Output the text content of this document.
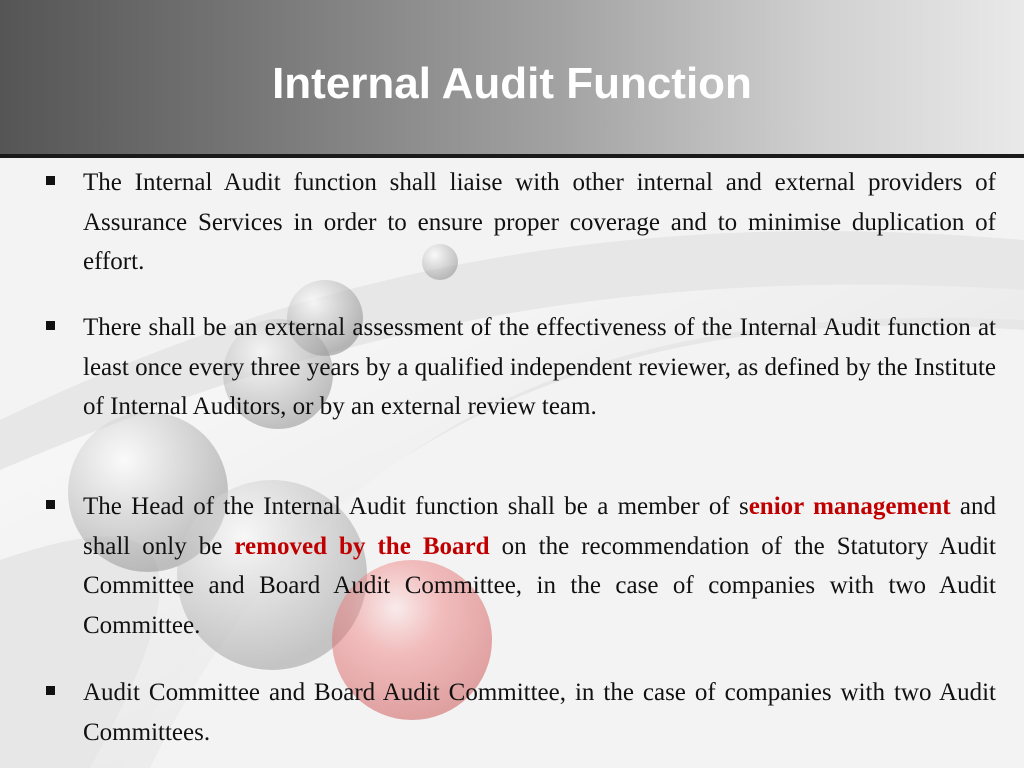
Internal Audit Function
The Internal Audit function shall liaise with other internal and external providers of Assurance Services in order to ensure proper coverage and to minimise duplication of effort.
There shall be an external assessment of the effectiveness of the Internal Audit function at least once every three years by a qualified independent reviewer, as defined by the Institute of Internal Auditors, or by an external review team.
The Head of the Internal Audit function shall be a member of senior management and shall only be removed by the Board on the recommendation of the Statutory Audit Committee and Board Audit Committee, in the case of companies with two Audit Committee.
Audit Committee and Board Audit Committee, in the case of companies with two Audit Committees.
